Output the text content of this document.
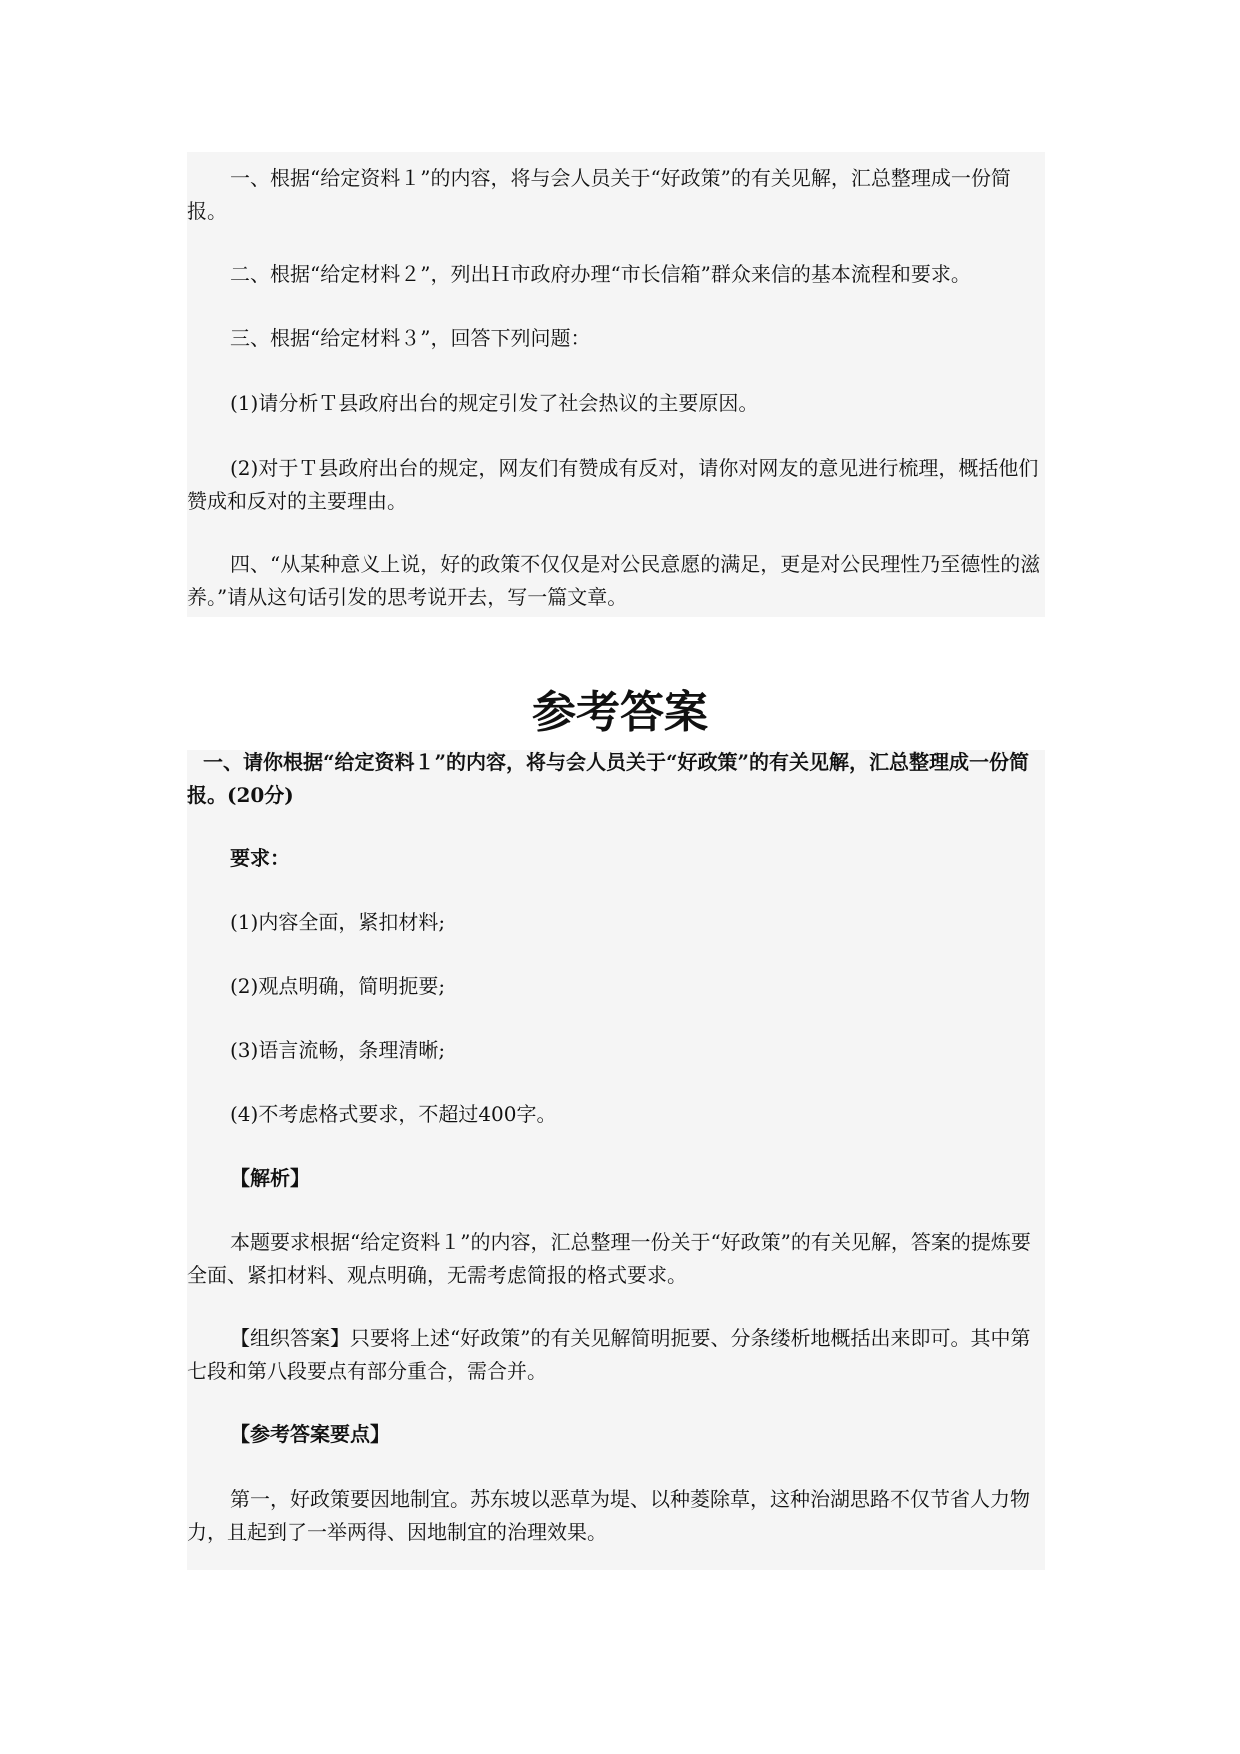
一、根据“给定资料１”的内容，将与会人员关于“好政策”的有关见解，汇总整理成一份简报。

二、根据“给定材料２”，列出Ｈ市政府办理“市长信箱”群众来信的基本流程和要求。

三、根据“给定材料３”，回答下列问题：

(1)请分析Ｔ县政府出台的规定引发了社会热议的主要原因。

(2)对于Ｔ县政府出台的规定，网友们有赞成有反对，请你对网友的意见进行梳理，概括他们赞成和反对的主要理由。

四、“从某种意义上说，好的政策不仅仅是对公民意愿的满足，更是对公民理性乃至德性的滋养。”请从这句话引发的思考说开去，写一篇文章。

参考答案

一、请你根据“给定资料１”的内容，将与会人员关于“好政策”的有关见解，汇总整理成一份简报。(20分)

要求：

(1)内容全面，紧扣材料;

(2)观点明确，简明扼要;

(3)语言流畅，条理清晰;

(4)不考虑格式要求，不超过400字。

【解析】

本题要求根据“给定资料１”的内容，汇总整理一份关于“好政策”的有关见解，答案的提炼要全面、紧扣材料、观点明确，无需考虑简报的格式要求。

【组织答案】只要将上述“好政策”的有关见解简明扼要、分条缕析地概括出来即可。其中第七段和第八段要点有部分重合，需合并。

【参考答案要点】

第一，好政策要因地制宜。苏东坡以恶草为堤、以种菱除草，这种治湖思路不仅节省人力物力，且起到了一举两得、因地制宜的治理效果。
